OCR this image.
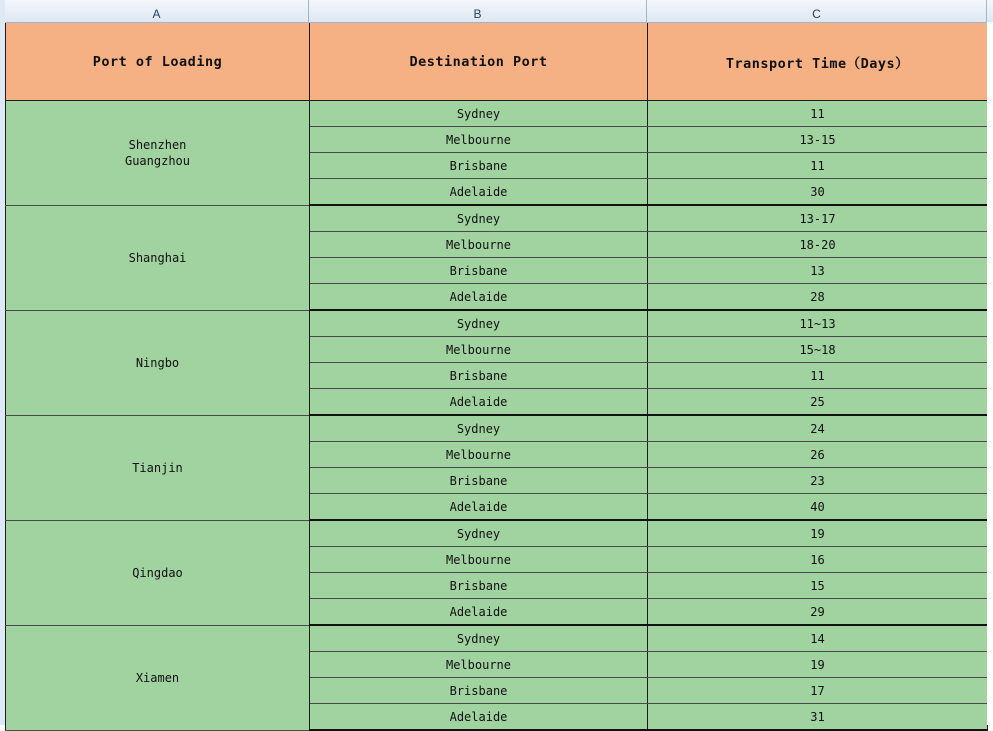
A	B	C
Port of Loading	Destination Port	Transport Time（Days）
Shenzhen
Guangzhou	Sydney	11
	Melbourne	13-15
	Brisbane	11
	Adelaide	30
Shanghai	Sydney	13-17
	Melbourne	18-20
	Brisbane	13
	Adelaide	28
Ningbo	Sydney	11~13
	Melbourne	15~18
	Brisbane	11
	Adelaide	25
Tianjin	Sydney	24
	Melbourne	26
	Brisbane	23
	Adelaide	40
Qingdao	Sydney	19
	Melbourne	16
	Brisbane	15
	Adelaide	29
Xiamen	Sydney	14
	Melbourne	19
	Brisbane	17
	Adelaide	31
